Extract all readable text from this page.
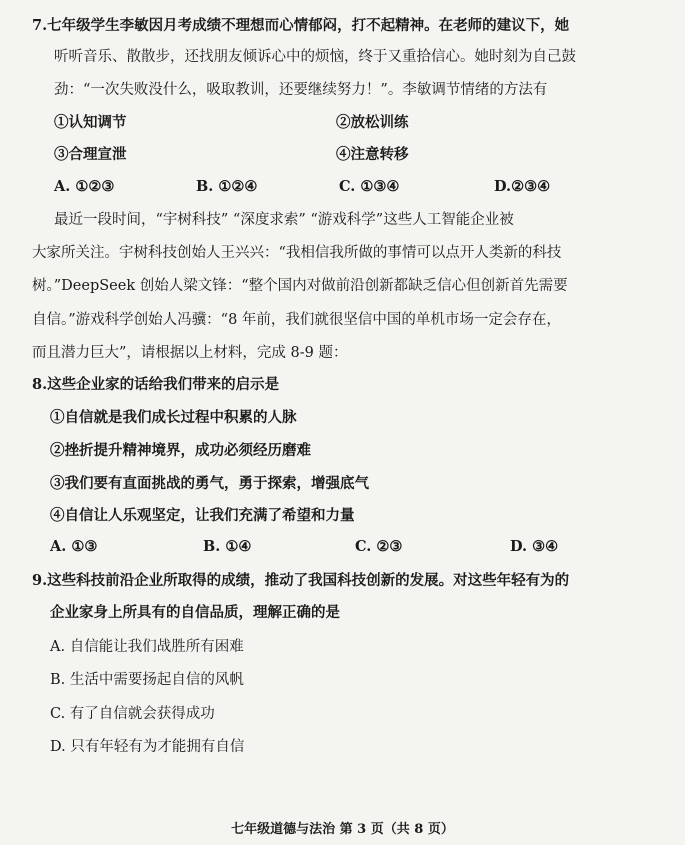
7.七年级学生李敏因月考成绩不理想而心情郁闷，打不起精神。在老师的建议下，她
听听音乐、散散步，还找朋友倾诉心中的烦恼，终于又重拾信心。她时刻为自己鼓
劲：“一次失败没什么，吸取教训，还要继续努力！”。李敏调节情绪的方法有
①认知调节	②放松训练
③合理宣泄	④注意转移
A. ①②③	B. ①②④	C. ①③④	D.②③④
最近一段时间，“宇树科技” “深度求索” “游戏科学”这些人工智能企业被
大家所关注。宇树科技创始人王兴兴：“我相信我所做的事情可以点开人类新的科技
树。”DeepSeek 创始人梁文锋：“整个国内对做前沿创新都缺乏信心但创新首先需要
自信。”游戏科学创始人冯骥：“8 年前，我们就很坚信中国的单机市场一定会存在，
而且潜力巨大”，请根据以上材料，完成 8-9 题：
8.这些企业家的话给我们带来的启示是
①自信就是我们成长过程中积累的人脉
②挫折提升精神境界，成功必须经历磨难
③我们要有直面挑战的勇气，勇于探索，增强底气
④自信让人乐观坚定，让我们充满了希望和力量
A. ①③	B. ①④	C. ②③	D. ③④
9.这些科技前沿企业所取得的成绩，推动了我国科技创新的发展。对这些年轻有为的
企业家身上所具有的自信品质，理解正确的是
A. 自信能让我们战胜所有困难
B. 生活中需要扬起自信的风帆
C. 有了自信就会获得成功
D. 只有年轻有为才能拥有自信
七年级道德与法治 第 3 页（共 8 页）
